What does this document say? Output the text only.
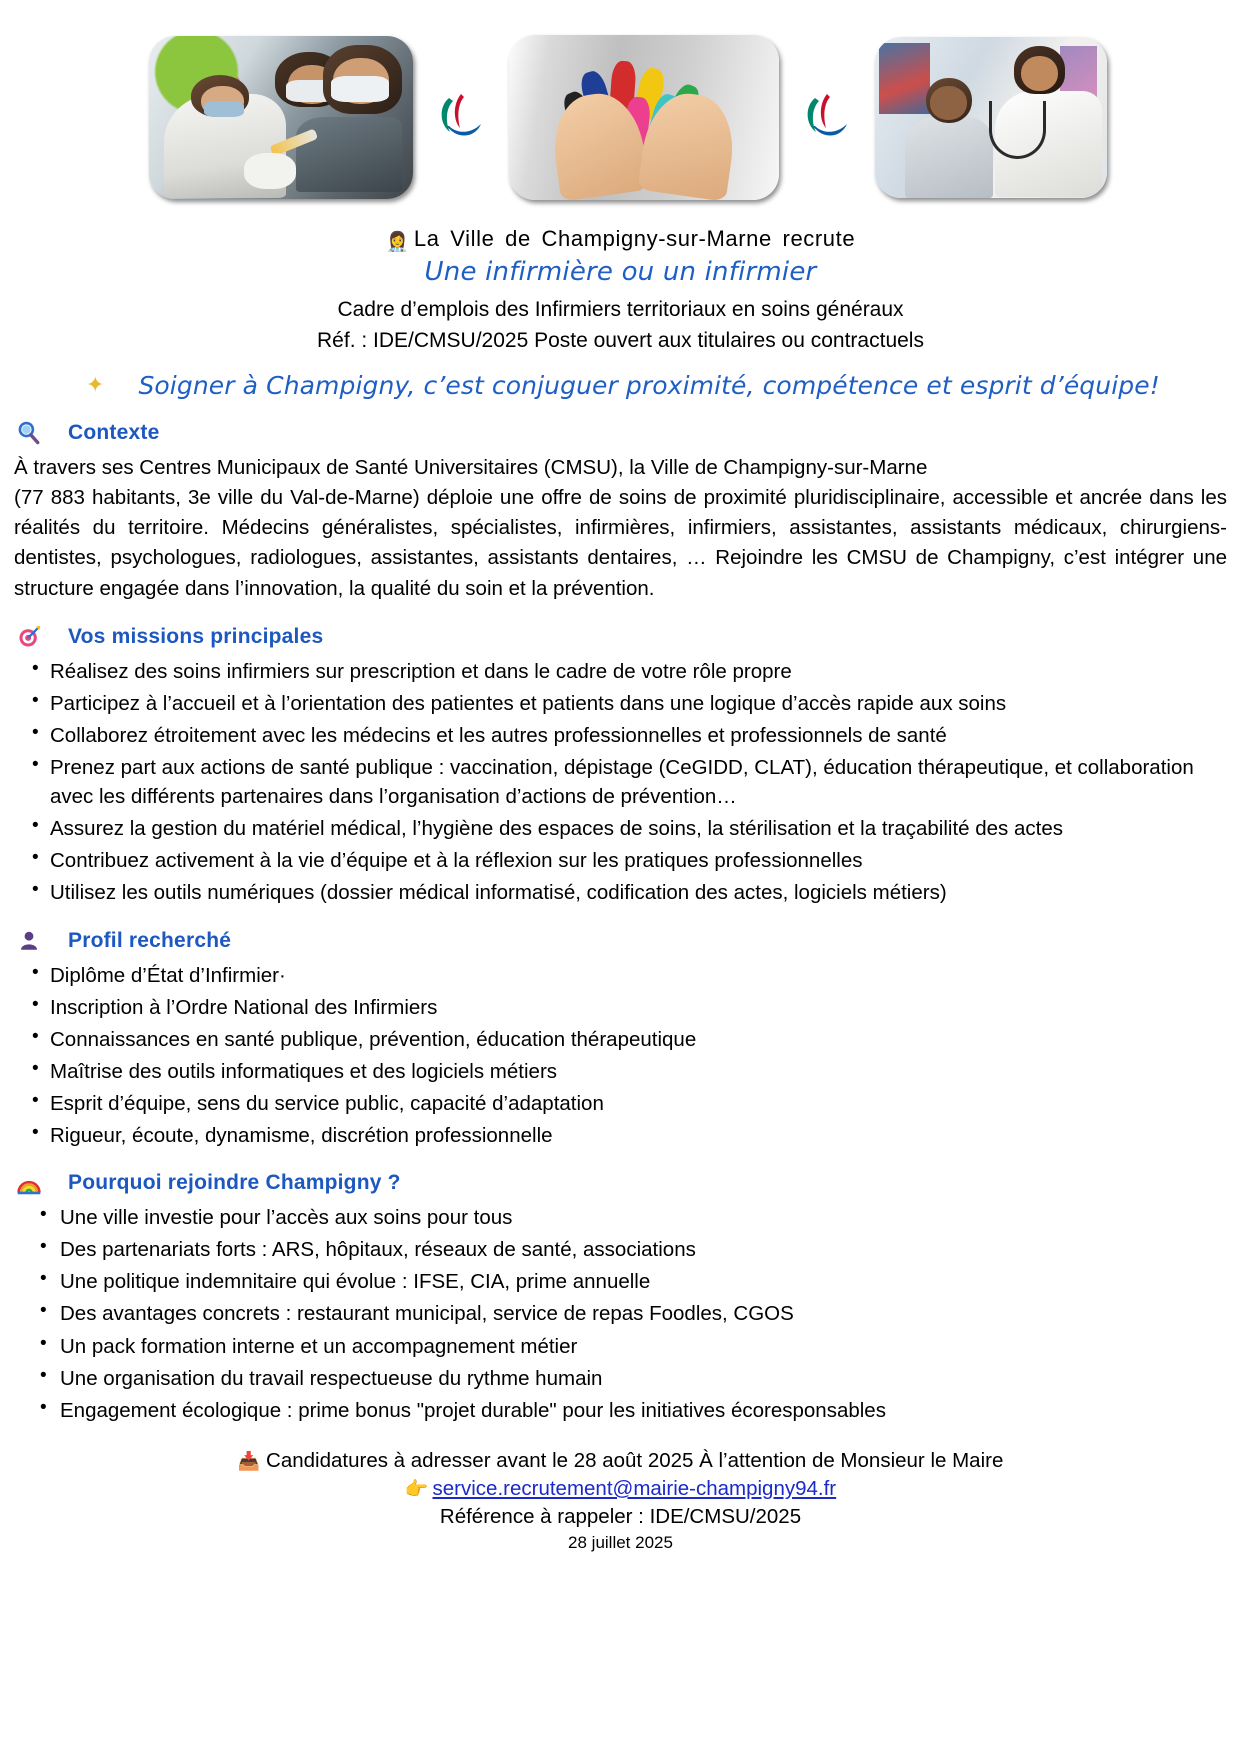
👩‍⚕️ La Ville de Champigny-sur-Marne recrute
Une infirmière ou un infirmier
Cadre d’emplois des Infirmiers territoriaux en soins généraux
Réf. : IDE/CMSU/2025 Poste ouvert aux titulaires ou contractuels
✦ Soigner à Champigny, c’est conjuguer proximité, compétence et esprit d’équipe!
Contexte

À travers ses Centres Municipaux de Santé Universitaires (CMSU), la Ville de Champigny-sur-Marne

(77 883 habitants, 3e ville du Val-de-Marne) déploie une offre de soins de proximité pluridisciplinaire, accessible et ancrée dans les réalités du territoire. Médecins généralistes, spécialistes, infirmières, infirmiers, assistantes, assistants médicaux, chirurgiens-dentistes, psychologues, radiologues, assistantes, assistants dentaires, … Rejoindre les CMSU de Champigny, c’est intégrer une structure engagée dans l’innovation, la qualité du soin et la prévention.

Vos missions principales
• Réalisez des soins infirmiers sur prescription et dans le cadre de votre rôle propre
• Participez à l’accueil et à l’orientation des patientes et patients dans une logique d’accès rapide aux soins
• Collaborez étroitement avec les médecins et les autres professionnelles et professionnels de santé
• Prenez part aux actions de santé publique : vaccination, dépistage (CeGIDD, CLAT), éducation thérapeutique, et collaboration avec les différents partenaires dans l’organisation d’actions de prévention…
• Assurez la gestion du matériel médical, l’hygiène des espaces de soins, la stérilisation et la traçabilité des actes
• Contribuez activement à la vie d’équipe et à la réflexion sur les pratiques professionnelles
• Utilisez les outils numériques (dossier médical informatisé, codification des actes, logiciels métiers)
Profil recherché
• Diplôme d’État d’Infirmier·
• Inscription à l’Ordre National des Infirmiers
• Connaissances en santé publique, prévention, éducation thérapeutique
• Maîtrise des outils informatiques et des logiciels métiers
• Esprit d’équipe, sens du service public, capacité d’adaptation
• Rigueur, écoute, dynamisme, discrétion professionnelle
Pourquoi rejoindre Champigny ?
• Une ville investie pour l’accès aux soins pour tous
• Des partenariats forts : ARS, hôpitaux, réseaux de santé, associations
• Une politique indemnitaire qui évolue : IFSE, CIA, prime annuelle
• Des avantages concrets : restaurant municipal, service de repas Foodles, CGOS
• Un pack formation interne et un accompagnement métier
• Une organisation du travail respectueuse du rythme humain
• Engagement écologique : prime bonus "projet durable" pour les initiatives écoresponsables
📥 Candidatures à adresser avant le 28 août 2025 À l’attention de Monsieur le Maire
👉 service.recrutement@mairie-champigny94.fr
Référence à rappeler : IDE/CMSU/2025
28 juillet 2025
